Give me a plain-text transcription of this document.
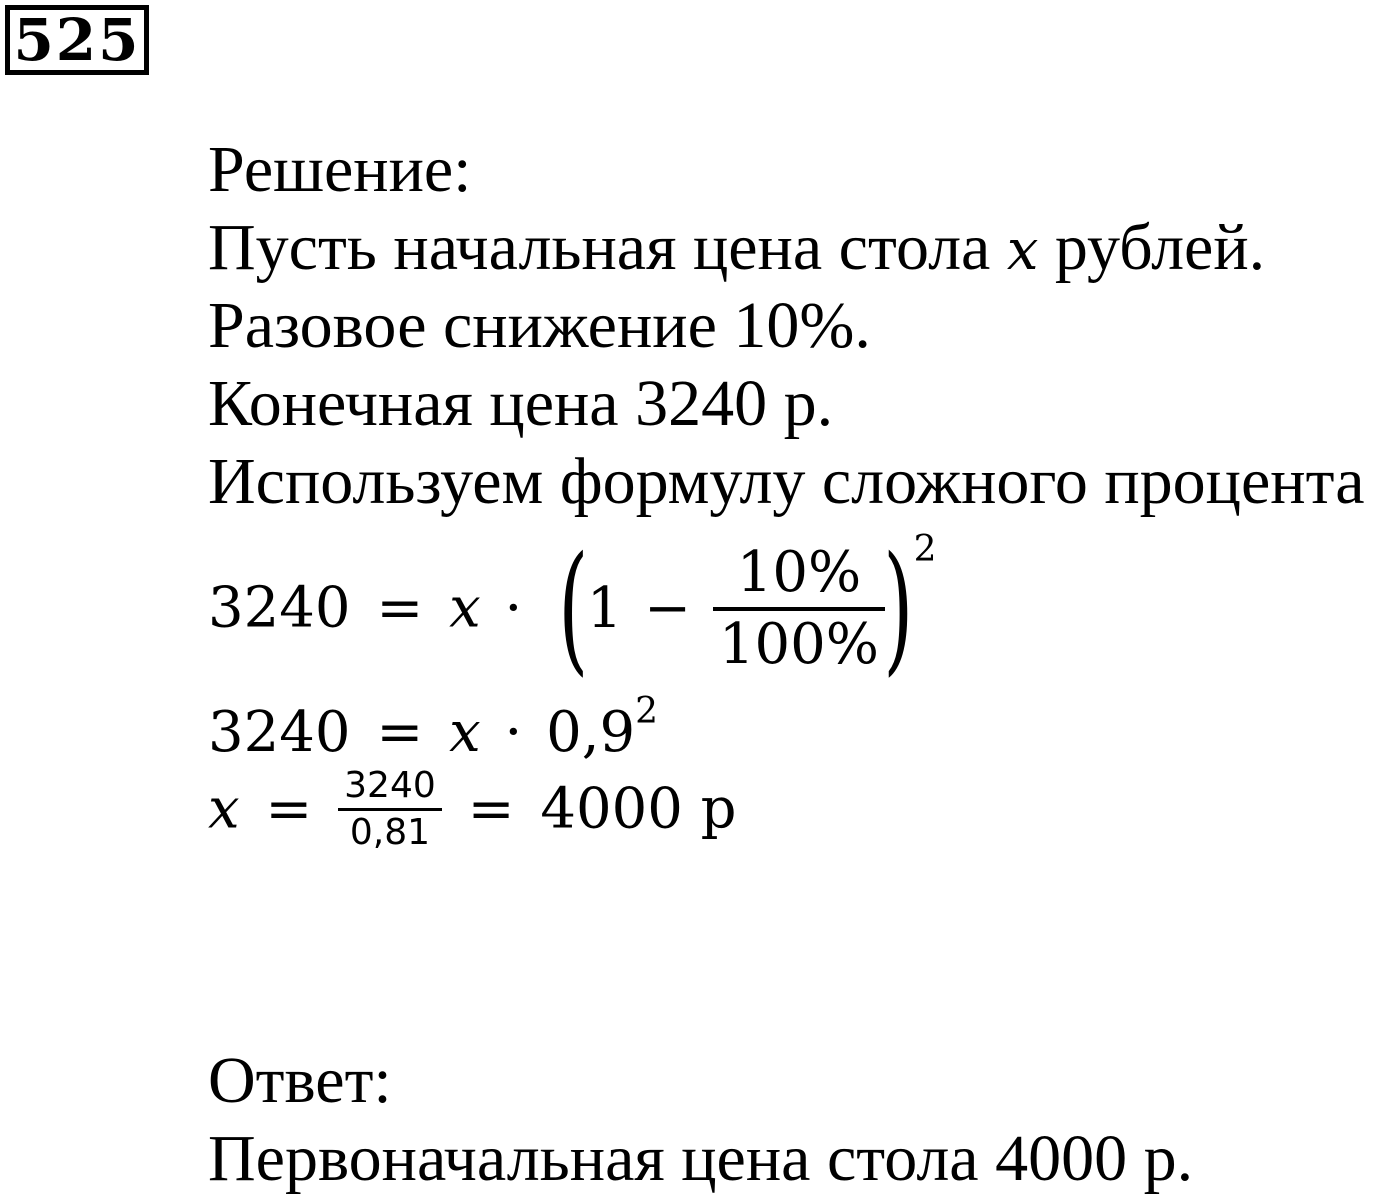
525
Решение:
Пусть начальная цена стола x рублей.
Разовое снижение 10%.
Конечная цена 3240 р.
Используем формулу сложного процента
$3240 = x \cdot (1 - \frac{10\%}{100\%}$
)$^2$
$3240 = x \cdot 0,9^2$
$x = \frac{3240}{0,81} = 4000$ р
Ответ:
Первоначальная цена стола 4000 р.
